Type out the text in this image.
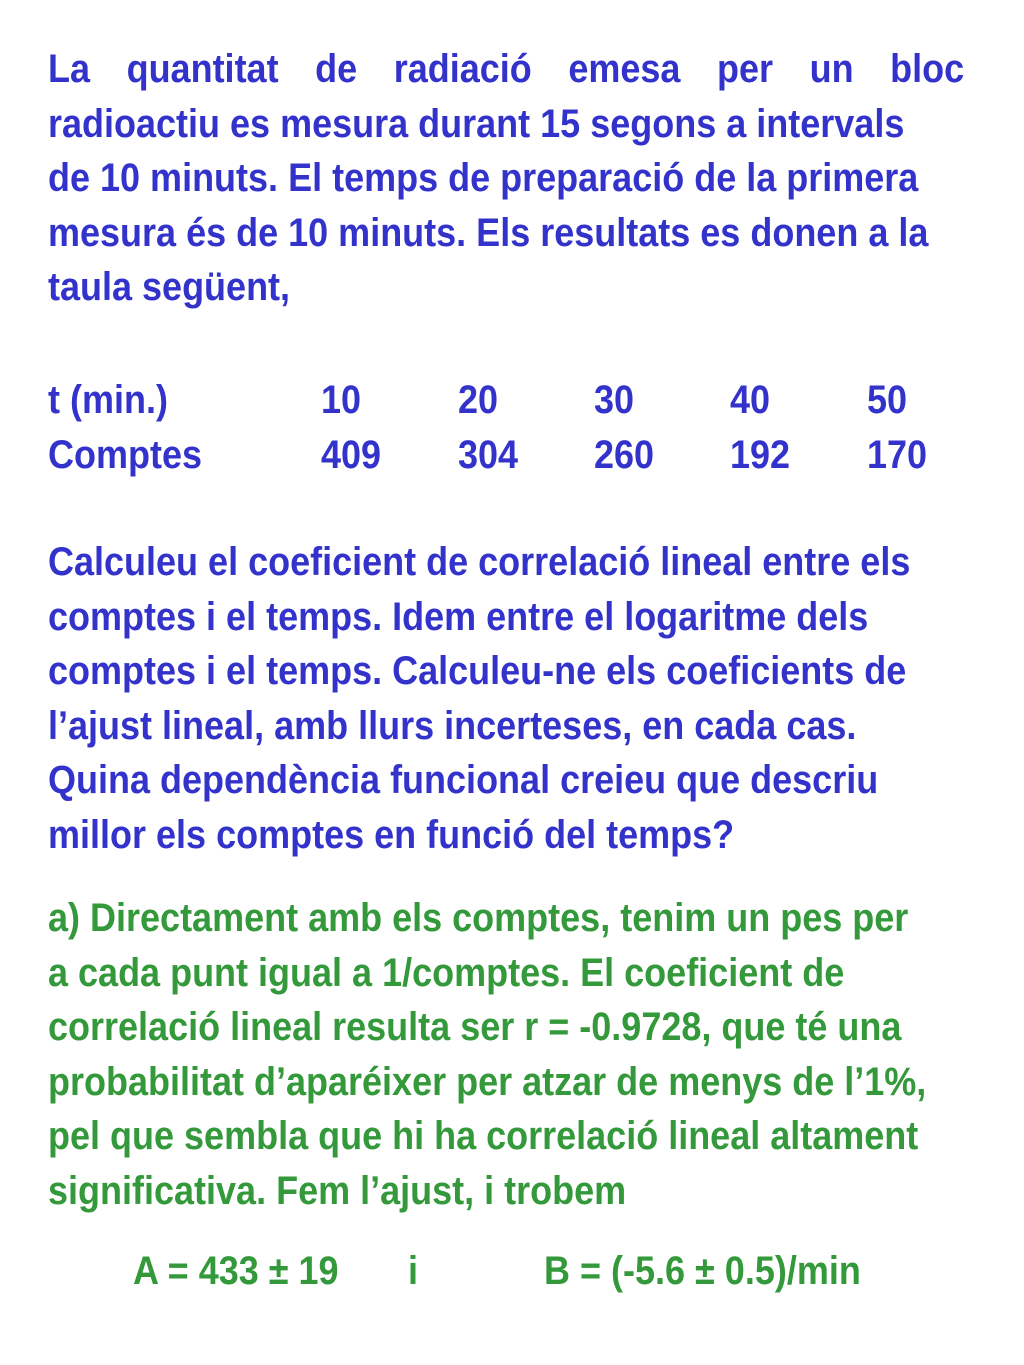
La quantitat de radiació emesa per un bloc
radioactiu es mesura durant 15 segons a intervals
de 10 minuts. El temps de preparació de la primera
mesura és de 10 minuts. Els resultats es donen a la
taula següent,
t (min.)	10 20 30 40 50
Comptes	409 304 260 192 170
Calculeu el coeficient de correlació lineal entre els
comptes i el temps. Idem entre el logaritme dels
comptes i el temps. Calculeu-ne els coeficients de
l’ajust lineal, amb llurs incerteses, en cada cas.
Quina dependència funcional creieu que descriu
millor els comptes en funció del temps?
a) Directament amb els comptes, tenim un pes per
a cada punt igual a 1/comptes. El coeficient de
correlació lineal resulta ser r = -0.9728, que té una
probabilitat d’aparéixer per atzar de menys de l’1%,
pel que sembla que hi ha correlació lineal altament
significativa. Fem l’ajust, i trobem
A = 433 ± 19 i	B = (-5.6 ± 0.5)/min
